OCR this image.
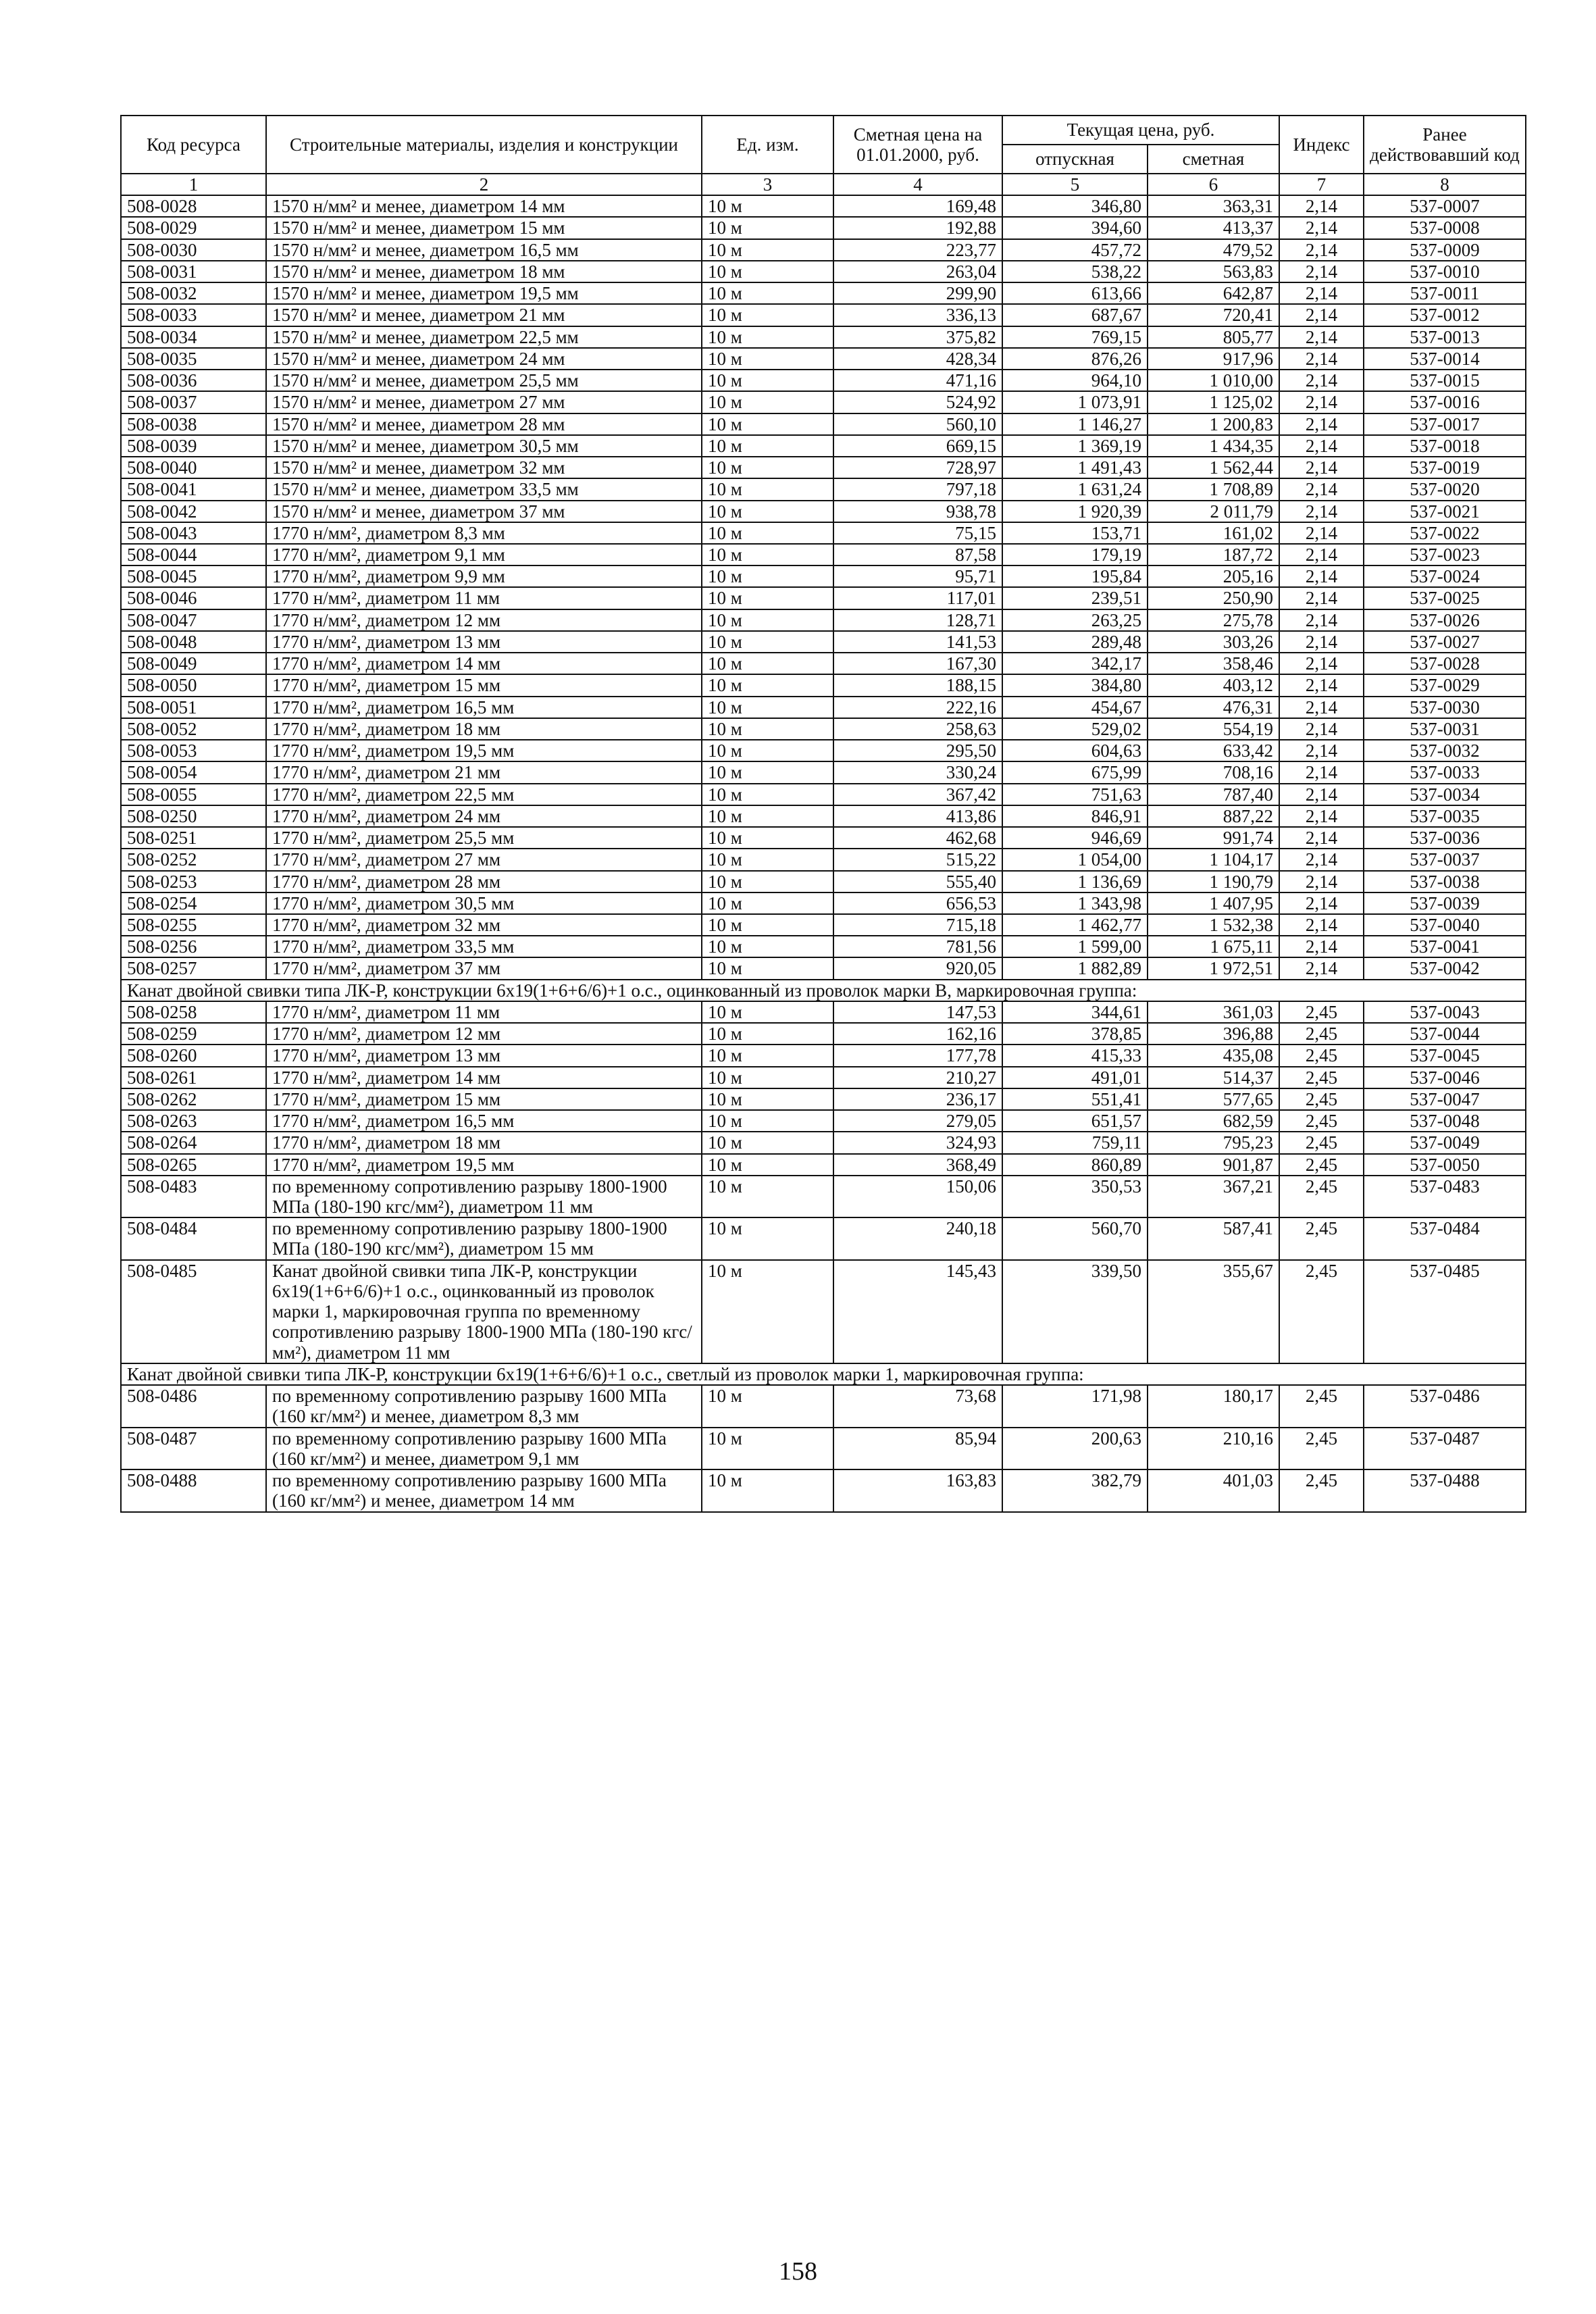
Код ресурса	Строительные материалы, изделия и конструкции	Ед. изм.	Сметная цена на 01.01.2000, руб.	Текущая цена, руб.		Индекс	Ранее действовавший код
				отпускная	сметная		
1	2	3	4	5	6	7	8
508-0028	1570 н/мм² и менее, диаметром 14 мм	10 м	169,48	346,80	363,31	2,14	537-0007
508-0029	1570 н/мм² и менее, диаметром 15 мм	10 м	192,88	394,60	413,37	2,14	537-0008
508-0030	1570 н/мм² и менее, диаметром 16,5 мм	10 м	223,77	457,72	479,52	2,14	537-0009
508-0031	1570 н/мм² и менее, диаметром 18 мм	10 м	263,04	538,22	563,83	2,14	537-0010
508-0032	1570 н/мм² и менее, диаметром 19,5 мм	10 м	299,90	613,66	642,87	2,14	537-0011
508-0033	1570 н/мм² и менее, диаметром 21 мм	10 м	336,13	687,67	720,41	2,14	537-0012
508-0034	1570 н/мм² и менее, диаметром 22,5 мм	10 м	375,82	769,15	805,77	2,14	537-0013
508-0035	1570 н/мм² и менее, диаметром 24 мм	10 м	428,34	876,26	917,96	2,14	537-0014
508-0036	1570 н/мм² и менее, диаметром 25,5 мм	10 м	471,16	964,10	1 010,00	2,14	537-0015
508-0037	1570 н/мм² и менее, диаметром 27 мм	10 м	524,92	1 073,91	1 125,02	2,14	537-0016
508-0038	1570 н/мм² и менее, диаметром 28 мм	10 м	560,10	1 146,27	1 200,83	2,14	537-0017
508-0039	1570 н/мм² и менее, диаметром 30,5 мм	10 м	669,15	1 369,19	1 434,35	2,14	537-0018
508-0040	1570 н/мм² и менее, диаметром 32 мм	10 м	728,97	1 491,43	1 562,44	2,14	537-0019
508-0041	1570 н/мм² и менее, диаметром 33,5 мм	10 м	797,18	1 631,24	1 708,89	2,14	537-0020
508-0042	1570 н/мм² и менее, диаметром 37 мм	10 м	938,78	1 920,39	2 011,79	2,14	537-0021
508-0043	1770 н/мм², диаметром 8,3 мм	10 м	75,15	153,71	161,02	2,14	537-0022
508-0044	1770 н/мм², диаметром 9,1 мм	10 м	87,58	179,19	187,72	2,14	537-0023
508-0045	1770 н/мм², диаметром 9,9 мм	10 м	95,71	195,84	205,16	2,14	537-0024
508-0046	1770 н/мм², диаметром 11 мм	10 м	117,01	239,51	250,90	2,14	537-0025
508-0047	1770 н/мм², диаметром 12 мм	10 м	128,71	263,25	275,78	2,14	537-0026
508-0048	1770 н/мм², диаметром 13 мм	10 м	141,53	289,48	303,26	2,14	537-0027
508-0049	1770 н/мм², диаметром 14 мм	10 м	167,30	342,17	358,46	2,14	537-0028
508-0050	1770 н/мм², диаметром 15 мм	10 м	188,15	384,80	403,12	2,14	537-0029
508-0051	1770 н/мм², диаметром 16,5 мм	10 м	222,16	454,67	476,31	2,14	537-0030
508-0052	1770 н/мм², диаметром 18 мм	10 м	258,63	529,02	554,19	2,14	537-0031
508-0053	1770 н/мм², диаметром 19,5 мм	10 м	295,50	604,63	633,42	2,14	537-0032
508-0054	1770 н/мм², диаметром 21 мм	10 м	330,24	675,99	708,16	2,14	537-0033
508-0055	1770 н/мм², диаметром 22,5 мм	10 м	367,42	751,63	787,40	2,14	537-0034
508-0250	1770 н/мм², диаметром 24 мм	10 м	413,86	846,91	887,22	2,14	537-0035
508-0251	1770 н/мм², диаметром 25,5 мм	10 м	462,68	946,69	991,74	2,14	537-0036
508-0252	1770 н/мм², диаметром 27 мм	10 м	515,22	1 054,00	1 104,17	2,14	537-0037
508-0253	1770 н/мм², диаметром 28 мм	10 м	555,40	1 136,69	1 190,79	2,14	537-0038
508-0254	1770 н/мм², диаметром 30,5 мм	10 м	656,53	1 343,98	1 407,95	2,14	537-0039
508-0255	1770 н/мм², диаметром 32 мм	10 м	715,18	1 462,77	1 532,38	2,14	537-0040
508-0256	1770 н/мм², диаметром 33,5 мм	10 м	781,56	1 599,00	1 675,11	2,14	537-0041
508-0257	1770 н/мм², диаметром 37 мм	10 м	920,05	1 882,89	1 972,51	2,14	537-0042
Канат двойной свивки типа ЛК-Р, конструкции 6х19(1+6+6/6)+1 о.с., оцинкованный из проволок марки В, маркировочная группа:							
508-0258	1770 н/мм², диаметром 11 мм	10 м	147,53	344,61	361,03	2,45	537-0043
508-0259	1770 н/мм², диаметром 12 мм	10 м	162,16	378,85	396,88	2,45	537-0044
508-0260	1770 н/мм², диаметром 13 мм	10 м	177,78	415,33	435,08	2,45	537-0045
508-0261	1770 н/мм², диаметром 14 мм	10 м	210,27	491,01	514,37	2,45	537-0046
508-0262	1770 н/мм², диаметром 15 мм	10 м	236,17	551,41	577,65	2,45	537-0047
508-0263	1770 н/мм², диаметром 16,5 мм	10 м	279,05	651,57	682,59	2,45	537-0048
508-0264	1770 н/мм², диаметром 18 мм	10 м	324,93	759,11	795,23	2,45	537-0049
508-0265	1770 н/мм², диаметром 19,5 мм	10 м	368,49	860,89	901,87	2,45	537-0050
508-0483	по временному сопротивлению разрыву 1800-1900 МПа (180-190 кгс/мм²), диаметром 11 мм	10 м	150,06	350,53	367,21	2,45	537-0483
508-0484	по временному сопротивлению разрыву 1800-1900 МПа (180-190 кгс/мм²), диаметром 15 мм	10 м	240,18	560,70	587,41	2,45	537-0484
508-0485	Канат двойной свивки типа ЛК-Р, конструкции 6х19(1+6+6/6)+1 о.с., оцинкованный из проволок марки 1, маркировочная группа по временному сопротивлению разрыву 1800-1900 МПа (180-190 кгс/мм²), диаметром 11 мм	10 м	145,43	339,50	355,67	2,45	537-0485
Канат двойной свивки типа ЛК-Р, конструкции 6х19(1+6+6/6)+1 о.с., светлый из проволок марки 1, маркировочная группа:							
508-0486	по временному сопротивлению разрыву 1600 МПа (160 кг/мм²) и менее, диаметром 8,3 мм	10 м	73,68	171,98	180,17	2,45	537-0486
508-0487	по временному сопротивлению разрыву 1600 МПа (160 кг/мм²) и менее, диаметром 9,1 мм	10 м	85,94	200,63	210,16	2,45	537-0487
508-0488	по временному сопротивлению разрыву 1600 МПа (160 кг/мм²) и менее, диаметром 14 мм	10 м	163,83	382,79	401,03	2,45	537-0488
158
